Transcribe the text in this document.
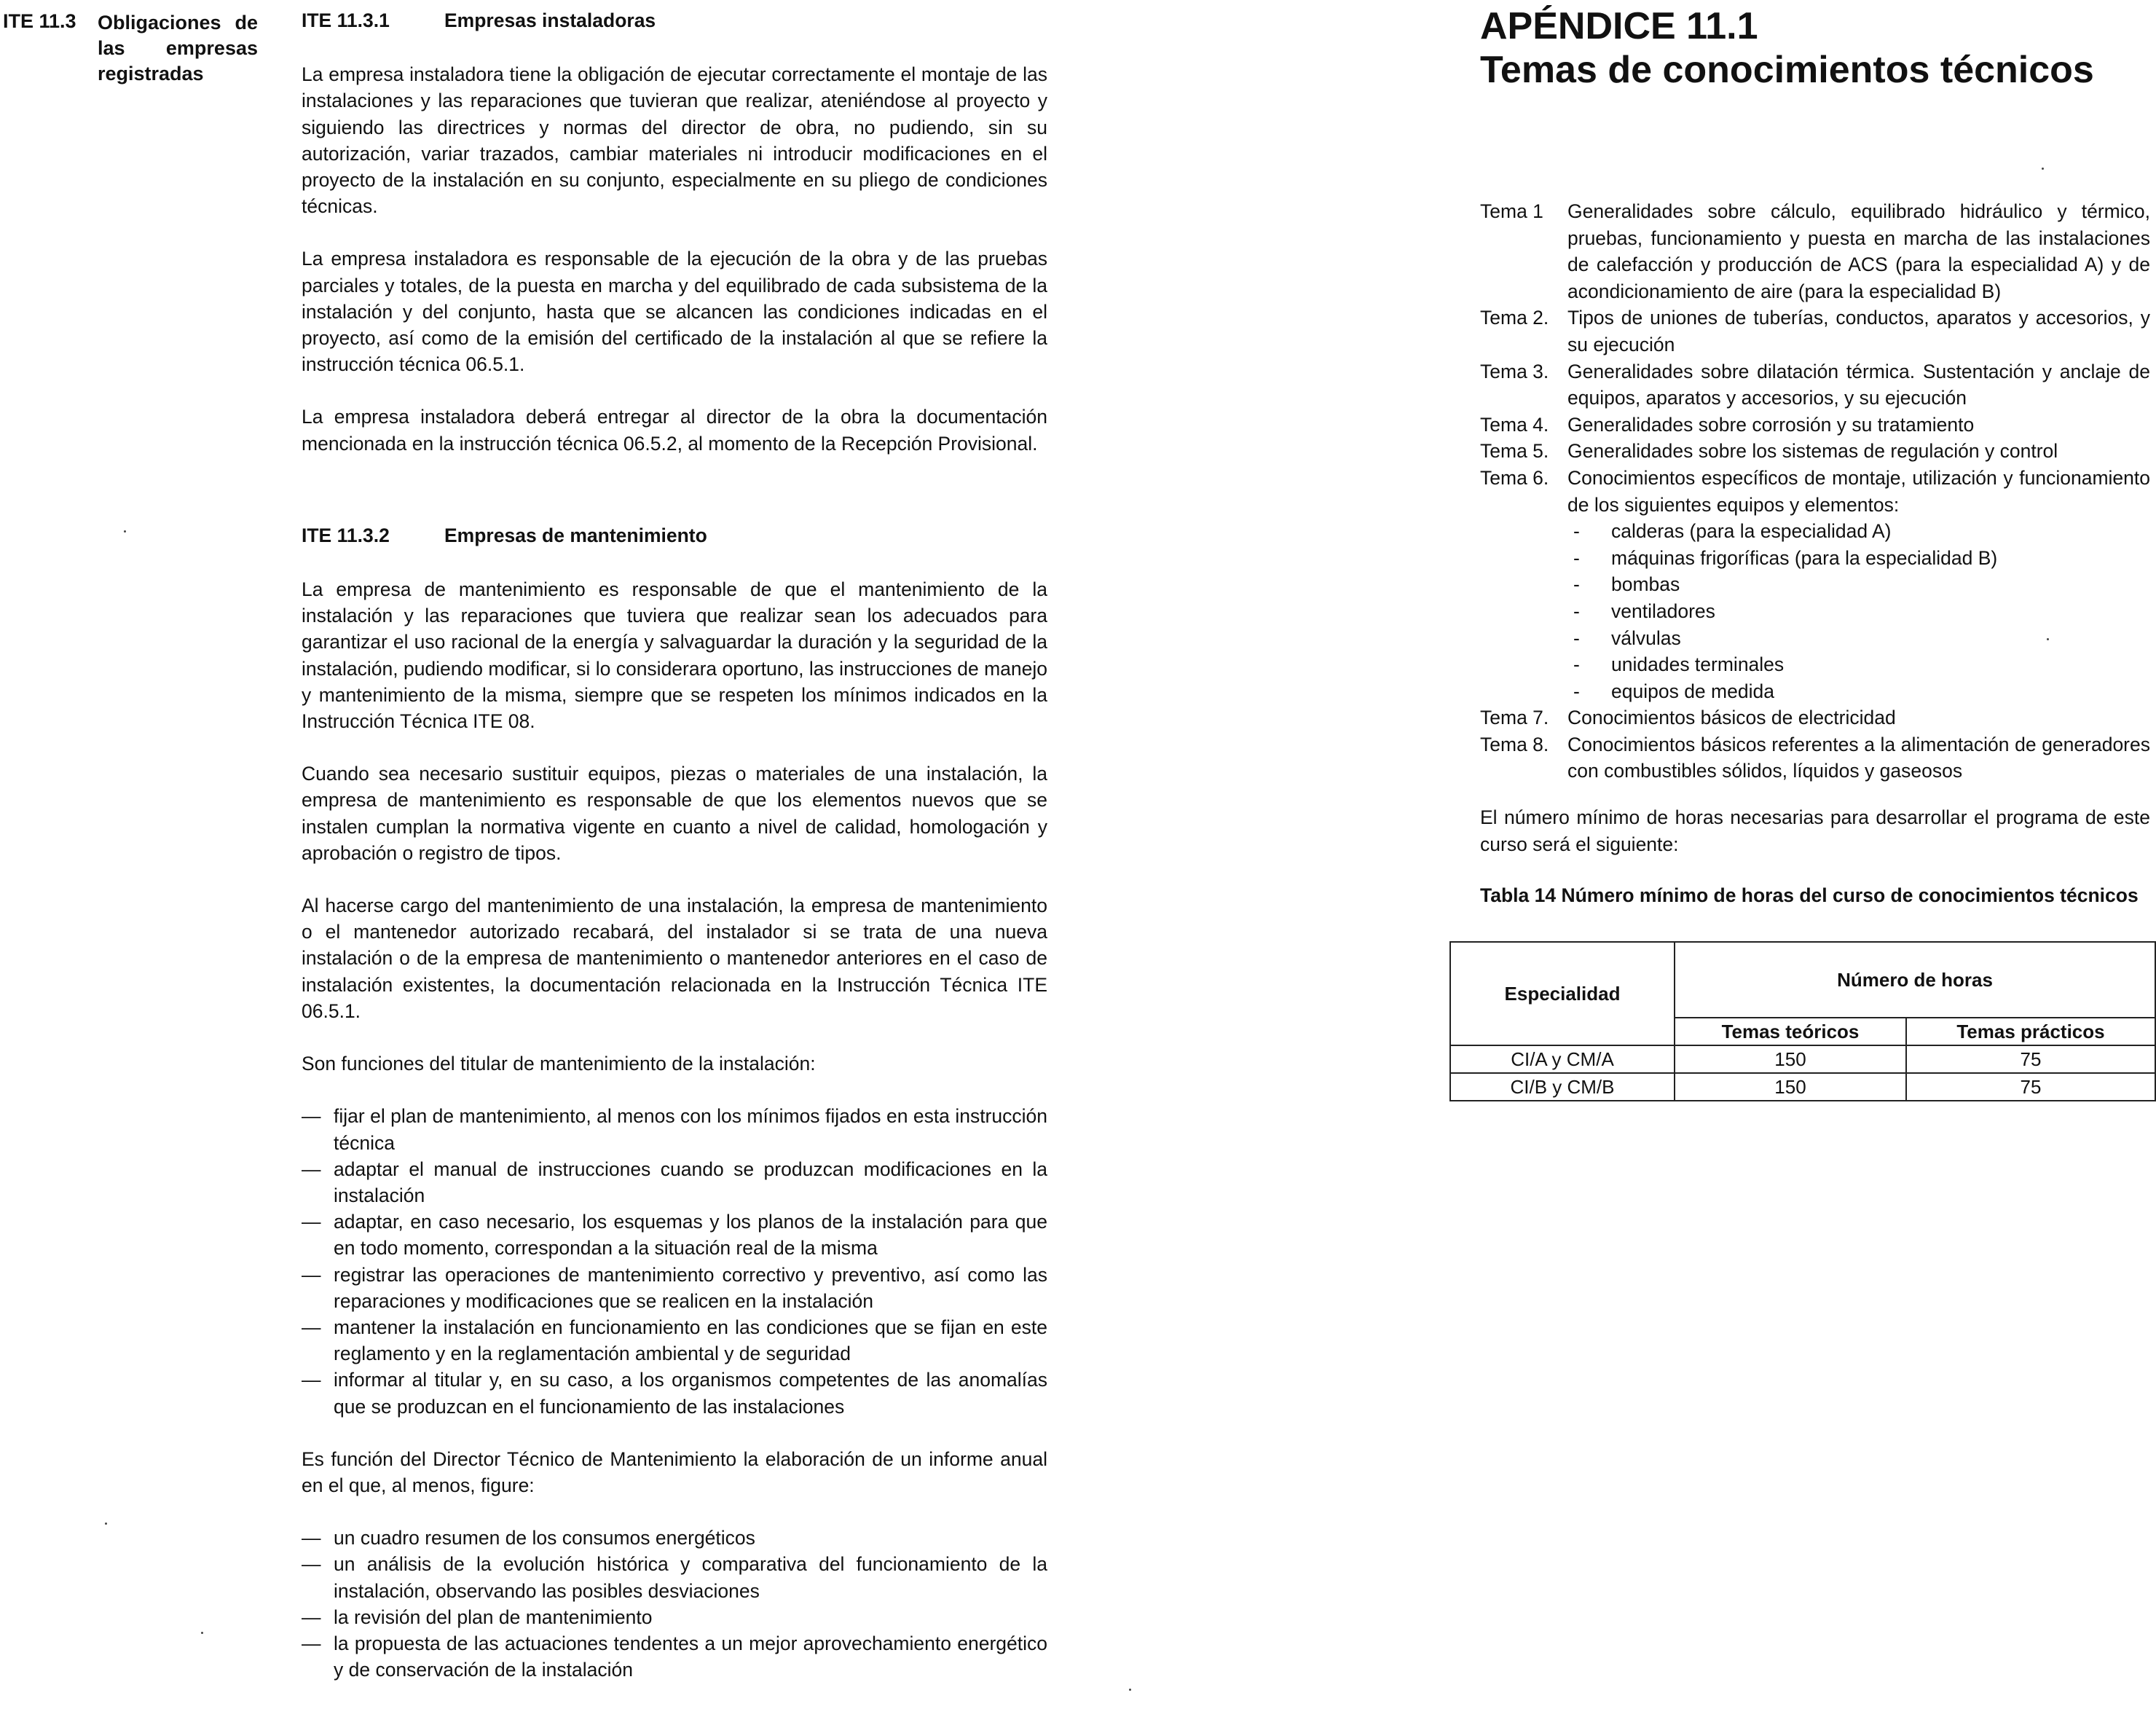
ITE 11.3 Obligaciones de las empresas registradas
ITE 11.3.1	Empresas instaladoras

La empresa instaladora tiene la obligación de ejecutar correctamente el montaje de las instalaciones y las reparaciones que tuvieran que realizar, ateniéndose al proyecto y siguiendo las directrices y normas del director de obra, no pudiendo, sin su autorización, variar trazados, cambiar materiales ni introducir modificaciones en el proyecto de la instalación en su conjunto, especialmente en su pliego de condiciones técnicas.

La empresa instaladora es responsable de la ejecución de la obra y de las pruebas parciales y totales, de la puesta en marcha y del equilibrado de cada subsistema de la instalación y del conjunto, hasta que se alcancen las condiciones indicadas en el proyecto, así como de la emisión del certificado de la instalación al que se refiere la instrucción técnica 06.5.1.

La empresa instaladora deberá entregar al director de la obra la documentación mencionada en la instrucción técnica 06.5.2, al momento de la Recepción Provisional.

ITE 11.3.2	Empresas de mantenimiento

La empresa de mantenimiento es responsable de que el mantenimiento de la instalación y las reparaciones que tuviera que realizar sean los adecuados para garantizar el uso racional de la energía y salvaguardar la duración y la seguridad de la instalación, pudiendo modificar, si lo considerara oportuno, las instrucciones de manejo y mantenimiento de la misma, siempre que se respeten los mínimos indicados en la Instrucción Técnica ITE 08.

Cuando sea necesario sustituir equipos, piezas o materiales de una instalación, la empresa de mantenimiento es responsable de que los elementos nuevos que se instalen cumplan la normativa vigente en cuanto a nivel de calidad, homologación y aprobación o registro de tipos.

Al hacerse cargo del mantenimiento de una instalación, la empresa de mantenimiento o el mantenedor autorizado recabará, del instalador si se trata de una nueva instalación o de la empresa de mantenimiento o mantenedor anteriores en el caso de instalación existentes, la documentación relacionada en la Instrucción Técnica ITE 06.5.1.

Son funciones del titular de mantenimiento de la instalación:

— fijar el plan de mantenimiento, al menos con los mínimos fijados en esta instrucción técnica
— adaptar el manual de instrucciones cuando se produzcan modificaciones en la instalación
— adaptar, en caso necesario, los esquemas y los planos de la instalación para que en todo momento, correspondan a la situación real de la misma
— registrar las operaciones de mantenimiento correctivo y preventivo, así como las reparaciones y modificaciones que se realicen en la instalación
— mantener la instalación en funcionamiento en las condiciones que se fijan en este reglamento y en la reglamentación ambiental y de seguridad
— informar al titular y, en su caso, a los organismos competentes de las anomalías que se produzcan en el funcionamiento de las instalaciones

Es función del Director Técnico de Mantenimiento la elaboración de un informe anual en el que, al menos, figure:

— un cuadro resumen de los consumos energéticos
— un análisis de la evolución histórica y comparativa del funcionamiento de la instalación, observando las posibles desviaciones
— la revisión del plan de mantenimiento
— la propuesta de las actuaciones tendentes a un mejor aprovechamiento energético y de conservación de la instalación
APÉNDICE 11.1
Temas de conocimientos técnicos
Tema 1	Generalidades sobre cálculo, equilibrado hidráulico y térmico, pruebas, funcionamiento y puesta en marcha de las instalaciones de calefacción y producción de ACS (para la especialidad A) y de acondicionamiento de aire (para la especialidad B)
Tema 2. Tipos de uniones de tuberías, conductos, aparatos y accesorios, y su ejecución
Tema 3. Generalidades sobre dilatación térmica. Sustentación y anclaje de equipos, aparatos y accesorios, y su ejecución
Tema 4. Generalidades sobre corrosión y su tratamiento
Tema 5. Generalidades sobre los sistemas de regulación y control
Tema 6. Conocimientos específicos de montaje, utilización y funcionamiento de los siguientes equipos y elementos:
- calderas (para la especialidad A)
- máquinas frigoríficas (para la especialidad B)
- bombas
- ventiladores
- válvulas
- unidades terminales
- equipos de medida
Tema 7. Conocimientos básicos de electricidad
Tema 8. Conocimientos básicos referentes a la alimentación de generadores con combustibles sólidos, líquidos y gaseosos
El número mínimo de horas necesarias para desarrollar el programa de este curso será el siguiente:
Tabla 14 Número mínimo de horas del curso de conocimientos técnicos
Especialidad	Número de horas	
	Temas teóricos	Temas prácticos
CI/A y CM/A	150	75
CI/B y CM/B	150	75
